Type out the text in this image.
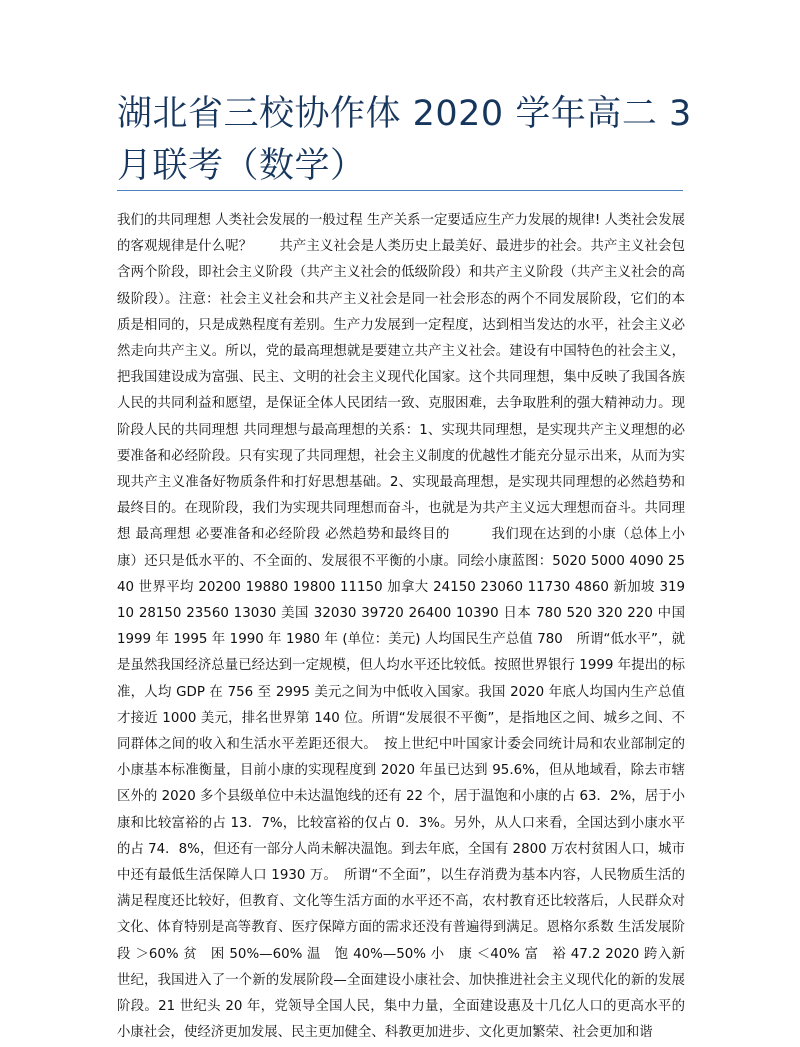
湖北省三校协作体 2020 学年高二 3 月联考（数学）

我们的共同理想 人类社会发展的一般过程 生产关系一定要适应生产力发展的规律! 人类社会发展的客观规律是什么呢？　　共产主义社会是人类历史上最美好、最进步的社会。共产主义社会包含两个阶段，即社会主义阶段（共产主义社会的低级阶段）和共产主义阶段（共产主义社会的高级阶段）。注意：社会主义社会和共产主义社会是同一社会形态的两个不同发展阶段，它们的本质是相同的，只是成熟程度有差别。生产力发展到一定程度，达到相当发达的水平，社会主义必然走向共产主义。所以，党的最高理想就是要建立共产主义社会。建设有中国特色的社会主义，把我国建设成为富强、民主、文明的社会主义现代化国家。这个共同理想，集中反映了我国各族人民的共同利益和愿望，是保证全体人民团结一致、克服困难，去争取胜利的强大精神动力。现阶段人民的共同理想 共同理想与最高理想的关系：1、实现共同理想，是实现共产主义理想的必要准备和必经阶段。只有实现了共同理想，社会主义制度的优越性才能充分显示出来，从而为实现共产主义准备好物质条件和打好思想基础。2、实现最高理想，是实现共同理想的必然趋势和最终目的。在现阶段，我们为实现共同理想而奋斗，也就是为共产主义远大理想而奋斗。共同理想 最高理想 必要准备和必经阶段 必然趋势和最终目的　　　我们现在达到的小康（总体上小康）还只是低水平的、不全面的、发展很不平衡的小康。同绘小康蓝图：5020 5000 4090 2540 世界平均 20200 19880 19800 11150 加拿大 24150 23060 11730 4860 新加坡 31910 28150 23560 13030 美国 32030 39720 26400 10390 日本 780 520 320 220 中国 1999 年 1995 年 1990 年 1980 年 (单位：美元) 人均国民生产总值 780　所谓“低水平”，就是虽然我国经济总量已经达到一定规模，但人均水平还比较低。按照世界银行 1999 年提出的标准，人均 GDP 在 756 至 2995 美元之间为中低收入国家。我国 2020 年底人均国内生产总值才接近 1000 美元，排名世界第 140 位。所谓“发展很不平衡”，是指地区之间、城乡之间、不同群体之间的收入和生活水平差距还很大。　按上世纪中叶国家计委会同统计局和农业部制定的小康基本标准衡量，目前小康的实现程度到 2020 年虽已达到 95.6%，但从地域看，除去市辖区外的 2020 多个县级单位中未达温饱线的还有 22 个，居于温饱和小康的占 63．2%，居于小康和比较富裕的占 13．7%，比较富裕的仅占 0．3%。另外，从人口来看，全国达到小康水平的占 74．8%，但还有一部分人尚未解决温饱。到去年底，全国有 2800 万农村贫困人口，城市中还有最低生活保障人口 1930 万。　所谓“不全面”，以生存消费为基本内容，人民物质生活的满足程度还比较好，但教育、文化等生活方面的水平还不高，农村教育还比较落后，人民群众对文化、体育特别是高等教育、医疗保障方面的需求还没有普遍得到满足。恩格尔系数 生活发展阶段 ＞60% 贫　困 50%—60% 温　饱 40%—50% 小　康 ＜40% 富　裕 47.2 2020 跨入新世纪，我国进入了一个新的发展阶段—全面建设小康社会、加快推进社会主义现代化的新的发展阶段。21 世纪头 20 年，党领导全国人民，集中力量，全面建设惠及十几亿人口的更高水平的小康社会，使经济更加发展、民主更加健全、科教更加进步、文化更加繁荣、社会更加和谐
